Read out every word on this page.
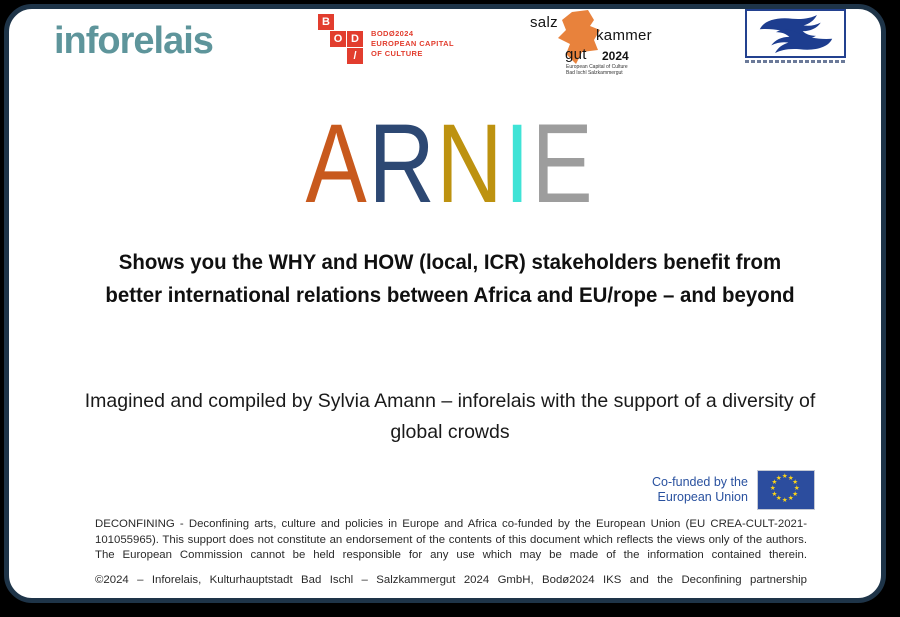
inforelais	B
O D
/
BODØ2024
EUROPEAN CAPITAL
OF CULTURE
salz
kammer
gut 2024
European Capital of Culture
Bad Ischl Salzkammergut
ARNIE
Shows you the WHY and HOW (local, ICR) stakeholders benefit from
better international relations between Africa and EU/rope – and beyond
Imagined and compiled by Sylvia Amann – inforelais with the support of a diversity of
global crowds
Co-funded by the
European Union
★ ★
★
★
★
★
★
★
★
★
★
★
DECONFINING - Deconfining arts, culture and policies in Europe and Africa co-funded by the European Union (EU CREA-CULT-2021-101055965). This support does not constitute an endorsement of the contents of this document which reflects the views only of the authors. The European Commission cannot be held responsible for any use which may be made of the information contained therein.
©2024 – Inforelais, Kulturhauptstadt Bad Ischl – Salzkammergut 2024 GmbH, Bodø2024 IKS and the Deconfining partnership
